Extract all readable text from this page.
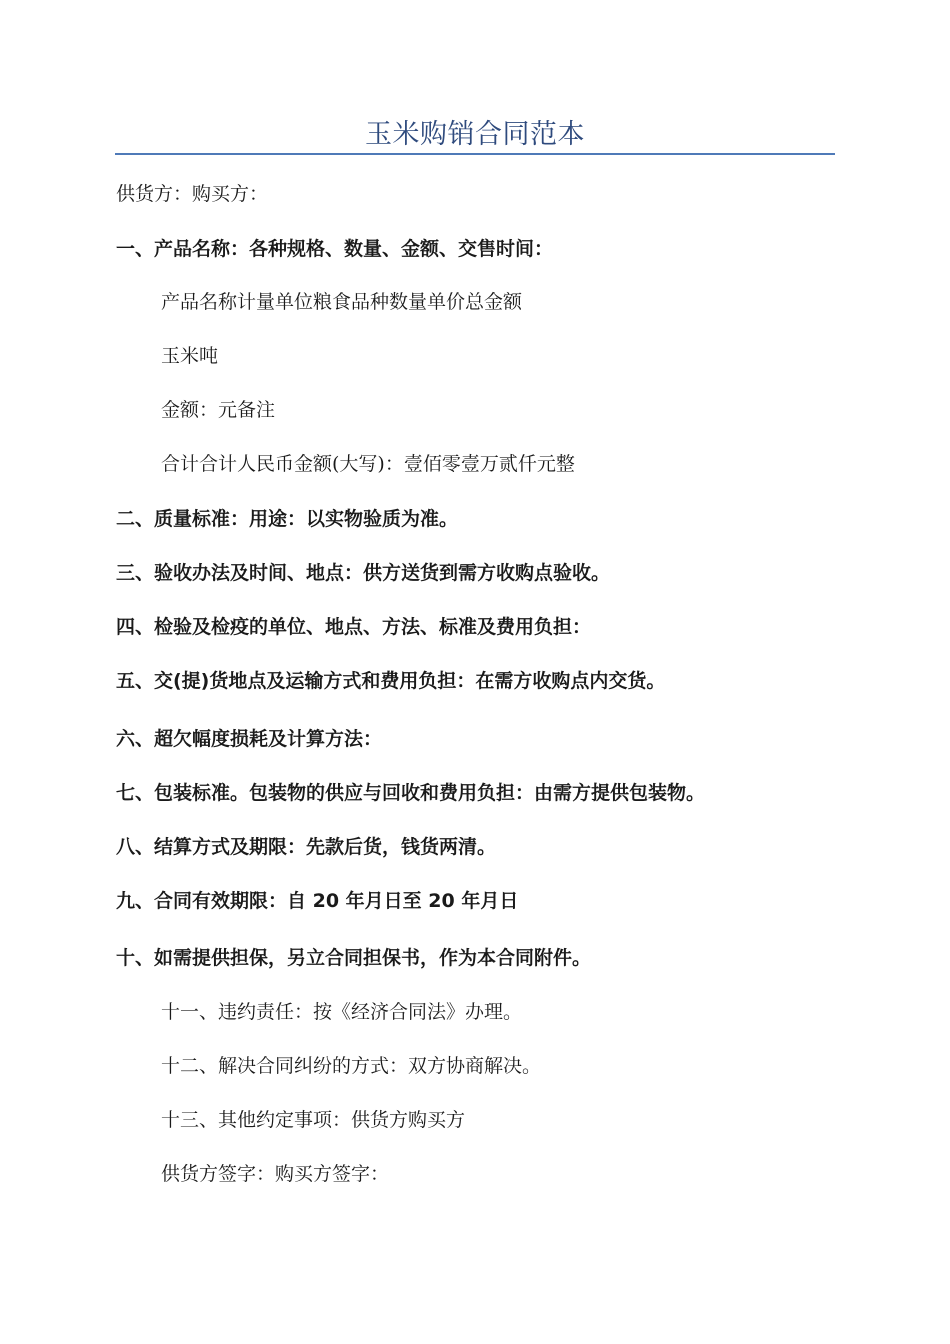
玉米购销合同范本

供货方：购买方：

一、产品名称：各种规格、数量、金额、交售时间：

产品名称计量单位粮食品种数量单价总金额

玉米吨

金额：元备注

合计合计人民币金额(大写)：壹佰零壹万贰仟元整

二、质量标准：用途：以实物验质为准。

三、验收办法及时间、地点：供方送货到需方收购点验收。

四、检验及检疫的单位、地点、方法、标准及费用负担：

五、交(提)货地点及运输方式和费用负担：在需方收购点内交货。

六、超欠幅度损耗及计算方法：

七、包装标准。包装物的供应与回收和费用负担：由需方提供包装物。

八、结算方式及期限：先款后货，钱货两清。

九、合同有效期限：自 20 年月日至 20 年月日

十、如需提供担保，另立合同担保书，作为本合同附件。

十一、违约责任：按《经济合同法》办理。

十二、解决合同纠纷的方式：双方协商解决。

十三、其他约定事项：供货方购买方

供货方签字：购买方签字：
